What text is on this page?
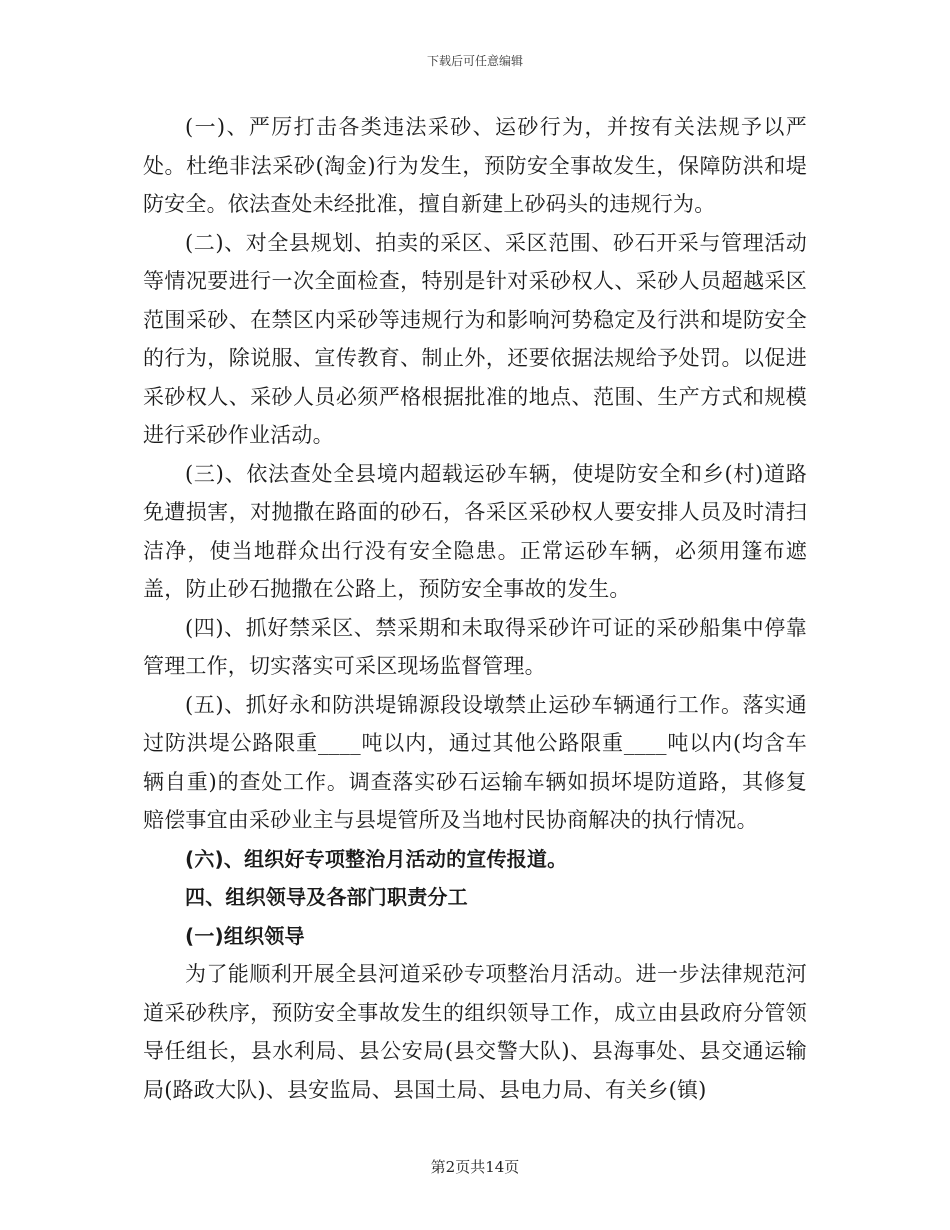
下载后可任意编辑

(一)、严厉打击各类违法采砂、运砂行为，并按有关法规予以严处。杜绝非法采砂(淘金)行为发生，预防安全事故发生，保障防洪和堤防安全。依法查处未经批准，擅自新建上砂码头的违规行为。

(二)、对全县规划、拍卖的采区、采区范围、砂石开采与管理活动等情况要进行一次全面检查，特别是针对采砂权人、采砂人员超越采区范围采砂、在禁区内采砂等违规行为和影响河势稳定及行洪和堤防安全的行为，除说服、宣传教育、制止外，还要依据法规给予处罚。以促进采砂权人、采砂人员必须严格根据批准的地点、范围、生产方式和规模进行采砂作业活动。

(三)、依法查处全县境内超载运砂车辆，使堤防安全和乡(村)道路免遭损害，对抛撒在路面的砂石，各采区采砂权人要安排人员及时清扫洁净，使当地群众出行没有安全隐患。正常运砂车辆，必须用篷布遮盖，防止砂石抛撒在公路上，预防安全事故的发生。

(四)、抓好禁采区、禁采期和未取得采砂许可证的采砂船集中停靠管理工作，切实落实可采区现场监督管理。

(五)、抓好永和防洪堤锦源段设墩禁止运砂车辆通行工作。落实通过防洪堤公路限重____吨以内，通过其他公路限重____吨以内(均含车辆自重)的查处工作。调查落实砂石运输车辆如损坏堤防道路，其修复赔偿事宜由采砂业主与县堤管所及当地村民协商解决的执行情况。

(六)、组织好专项整治月活动的宣传报道。

四、组织领导及各部门职责分工

(一)组织领导

为了能顺利开展全县河道采砂专项整治月活动。进一步法律规范河道采砂秩序，预防安全事故发生的组织领导工作，成立由县政府分管领导任组长，县水利局、县公安局(县交警大队)、县海事处、县交通运输局(路政大队)、县安监局、县国土局、县电力局、有关乡(镇)

第2页共14页
